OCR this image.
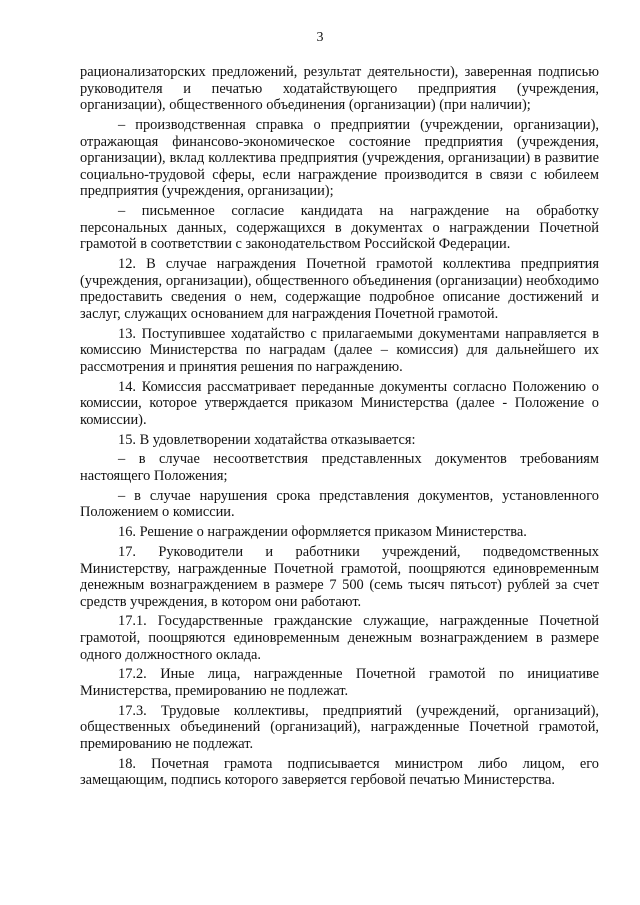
3

рационализаторских предложений, результат деятельности), заверенная подписью руководителя и печатью ходатайствующего предприятия (учреждения, организации), общественного объединения (организации) (при наличии);

– производственная справка о предприятии (учреждении, организации), отражающая финансово-экономическое состояние предприятия (учреждения, организации), вклад коллектива предприятия (учреждения, организации) в развитие социально-трудовой сферы, если награждение производится в связи с юбилеем предприятия (учреждения, организации);

– письменное согласие кандидата на награждение на обработку персональных данных, содержащихся в документах о награждении Почетной грамотой в соответствии с законодательством Российской Федерации.

12. В случае награждения Почетной грамотой коллектива предприятия (учреждения, организации), общественного объединения (организации) необходимо предоставить сведения о нем, содержащие подробное описание достижений и заслуг, служащих основанием для награждения Почетной грамотой.

13. Поступившее ходатайство с прилагаемыми документами направляется в комиссию Министерства по наградам (далее – комиссия) для дальнейшего их рассмотрения и принятия решения по награждению.

14. Комиссия рассматривает переданные документы согласно Положению о комиссии, которое утверждается приказом Министерства (далее - Положение о комиссии).

15. В удовлетворении ходатайства отказывается:

– в случае несоответствия представленных документов требованиям настоящего Положения;

– в случае нарушения срока представления документов, установленного Положением о комиссии.

16. Решение о награждении оформляется приказом Министерства.

17. Руководители и работники учреждений, подведомственных Министерству, награжденные Почетной грамотой, поощряются единовременным денежным вознаграждением в размере 7 500 (семь тысяч пятьсот) рублей за счет средств учреждения, в котором они работают.

17.1. Государственные гражданские служащие, награжденные Почетной грамотой, поощряются единовременным денежным вознаграждением в размере одного должностного оклада.

17.2. Иные лица, награжденные Почетной грамотой по инициативе Министерства, премированию не подлежат.

17.3. Трудовые коллективы, предприятий (учреждений, организаций), общественных объединений (организаций), награжденные Почетной грамотой, премированию не подлежат.

18. Почетная грамота подписывается министром либо лицом, его замещающим, подпись которого заверяется гербовой печатью Министерства.
